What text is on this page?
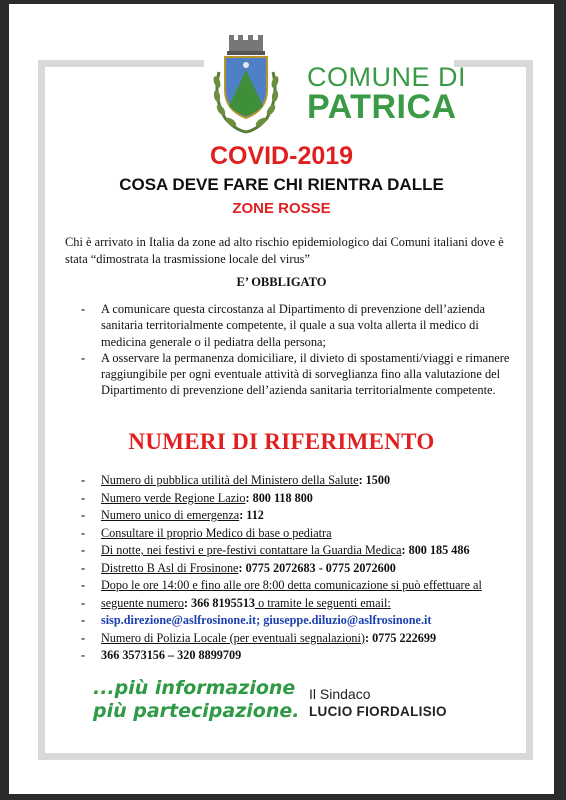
COMUNE DI
PATRICA
COVID-2019
COSA DEVE FARE CHI RIENTRA DALLE
ZONE ROSSE
Chi è arrivato in Italia da zone ad alto rischio epidemiologico dai Comuni italiani dove è stata “dimostrata la trasmissione locale del virus”
E’ OBBLIGATO
- A comunicare questa circostanza al Dipartimento di prevenzione dell’azienda sanitaria territorialmente competente, il quale a sua volta allerta il medico di medicina generale o il pediatra della persona;
- A osservare la permanenza domiciliare, il divieto di spostamenti/viaggi e rimanere raggiungibile per ogni eventuale attività di sorveglianza fino alla valutazione del Dipartimento di prevenzione dell’azienda sanitaria territorialmente competente.
NUMERI DI RIFERIMENTO
- Numero di pubblica utilità del Ministero della Salute: 1500
- Numero verde Regione Lazio: 800 118 800
- Numero unico di emergenza: 112
- Consultare il proprio Medico di base o pediatra
- Di notte, nei festivi e pre-festivi contattare la Guardia Medica: 800 185 486
- Distretto B Asl di Frosinone: 0775 2072683 - 0775 2072600
- Dopo le ore 14:00 e fino alle ore 8:00 detta comunicazione si può effettuare al
- seguente numero: 366 8195513 o tramite le seguenti email:
- sisp.direzione@aslfrosinone.it; giuseppe.diluzio@aslfrosinone.it
- Numero di Polizia Locale (per eventuali segnalazioni): 0775 222699
- 366 3573156 – 320 8899709
...più informazione
più partecipazione.
Il Sindaco
LUCIO FIORDALISIO
